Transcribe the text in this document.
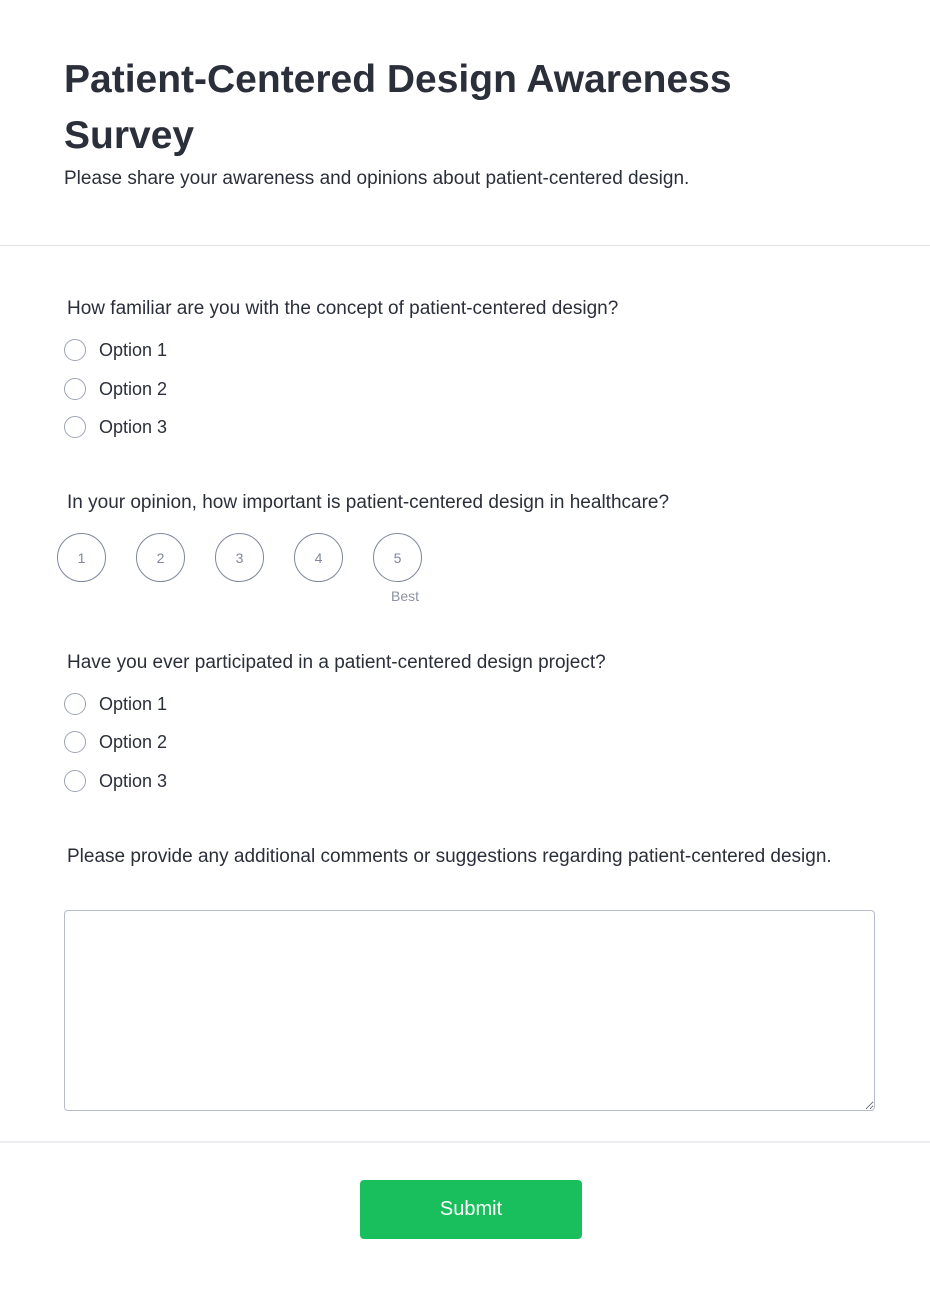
Patient-Centered Design Awareness Survey
Please share your awareness and opinions about patient-centered design.
How familiar are you with the concept of patient-centered design?
Option 1
Option 2
Option 3
In your opinion, how important is patient-centered design in healthcare?
1	2	3	4	5
Best
Have you ever participated in a patient-centered design project?
Option 1
Option 2
Option 3
Please provide any additional comments or suggestions regarding patient-centered design.
Submit
